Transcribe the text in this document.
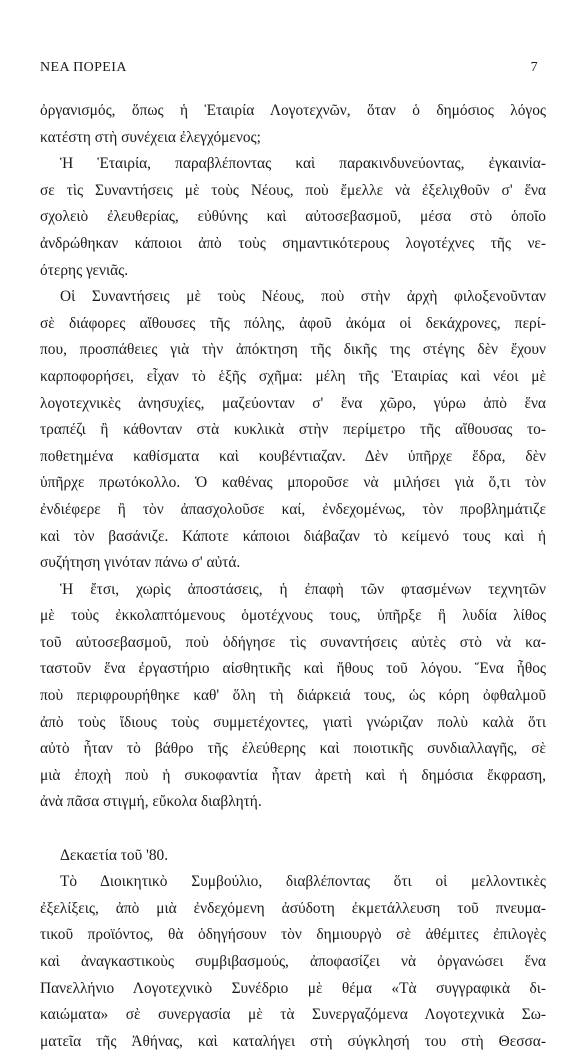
ΝΕΑ ΠΟΡΕΙΑ	7
ὀργανισμός, ὅπως ἡ Ἑταιρία Λογοτεχνῶν, ὅταν ὁ δημόσιος λόγος
κατέστη στὴ συνέχεια ἐλεγχόμενος;
Ἡ Ἑταιρία, παραβλέποντας καὶ παρακινδυνεύοντας, ἐγκαινία-
σε τὶς Συναντήσεις μὲ τοὺς Νέους, ποὺ ἔμελλε νὰ ἐξελιχθοῦν σ' ἕνα
σχολειὸ ἐλευθερίας, εὐθύνης καὶ αὐτοσεβασμοῦ, μέσα στὸ ὁποῖο
ἀνδρώθηκαν κάποιοι ἀπὸ τοὺς σημαντικότερους λογοτέχνες τῆς νε-
ότερης γενιᾶς.
Οἱ Συναντήσεις μὲ τοὺς Νέους, ποὺ στὴν ἀρχὴ φιλοξενοῦνταν
σὲ διάφορες αἴθουσες τῆς πόλης, ἀφοῦ ἀκόμα οἱ δεκάχρονες, περί-
που, προσπάθειες γιὰ τὴν ἀπόκτηση τῆς δικῆς της στέγης δὲν ἔχουν
καρποφορήσει, εἶχαν τὸ ἑξῆς σχῆμα: μέλη τῆς Ἑταιρίας καὶ νέοι μὲ
λογοτεχνικὲς ἀνησυχίες, μαζεύονταν σ' ἕνα χῶρο, γύρω ἀπὸ ἕνα
τραπέζι ἢ κάθονταν στὰ κυκλικὰ στὴν περίμετρο τῆς αἴθουσας το-
ποθετημένα καθίσματα καὶ κουβέντιαζαν. Δὲν ὑπῆρχε ἕδρα, δὲν
ὑπῆρχε πρωτόκολλο. Ὁ καθένας μποροῦσε νὰ μιλήσει γιὰ ὅ,τι τὸν
ἐνδιέφερε ἢ τὸν ἀπασχολοῦσε καί, ἐνδεχομένως, τὸν προβλημάτιζε
καὶ τὸν βασάνιζε. Κάποτε κάποιοι διάβαζαν τὸ κείμενό τους καὶ ἡ
συζήτηση γινόταν πάνω σ' αὐτά.
Ἡ ἔτσι, χωρὶς ἀποστάσεις, ἡ ἐπαφὴ τῶν φτασμένων τεχνητῶν
μὲ τοὺς ἐκκολαπτόμενους ὁμοτέχνους τους, ὑπῆρξε ἣ λυδία λίθος
τοῦ αὐτοσεβασμοῦ, ποὺ ὁδήγησε τὶς συναντήσεις αὐτὲς στὸ νὰ κα-
ταστοῦν ἕνα ἐργαστήριο αἰσθητικῆς καὶ ἤθους τοῦ λόγου. Ἕνα ἦθος
ποὺ περιφρουρήθηκε καθ' ὅλη τὴ διάρκειά τους, ὡς κόρη ὀφθαλμοῦ
ἀπὸ τοὺς ἴδιους τοὺς συμμετέχοντες, γιατὶ γνώριζαν πολὺ καλὰ ὅτι
αὐτὸ ἦταν τὸ βάθρο τῆς ἐλεύθερης καὶ ποιοτικῆς συνδιαλλαγῆς, σὲ
μιὰ ἐποχὴ ποὺ ἡ συκοφαντία ἦταν ἀρετὴ καὶ ἡ δημόσια ἔκφραση,
ἀνὰ πᾶσα στιγμή, εὔκολα διαβλητή.
Δεκαετία τοῦ '80.
Τὸ Διοικητικὸ Συμβούλιο, διαβλέποντας ὅτι οἱ μελλοντικὲς
ἐξελίξεις, ἀπὸ μιὰ ἐνδεχόμενη ἀσύδοτη ἐκμετάλλευση τοῦ πνευμα-
τικοῦ προϊόντος, θὰ ὁδηγήσουν τὸν δημιουργὸ σὲ ἀθέμιτες ἐπιλογὲς
καὶ ἀναγκαστικοὺς συμβιβασμούς, ἀποφασίζει νὰ ὀργανώσει ἕνα
Πανελλήνιο Λογοτεχνικὸ Συνέδριο μὲ θέμα «Τὰ συγγραφικὰ δι-
καιώματα» σὲ συνεργασία μὲ τὰ Συνεργαζόμενα Λογοτεχνικὰ Σω-
ματεῖα τῆς Ἀθήνας, καὶ καταλήγει στὴ σύγκλησή του στὴ Θεσσα-
